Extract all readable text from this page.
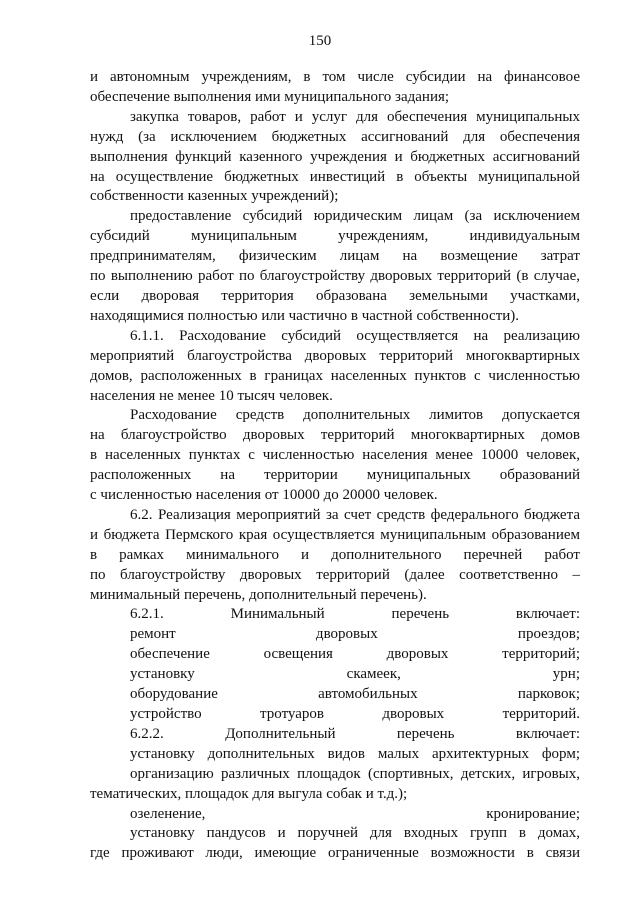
150
и автономным учреждениям, в том числе субсидии на финансовое
обеспечение выполнения ими муниципального задания;
закупка товаров, работ и услуг для обеспечения муниципальных
нужд (за исключением бюджетных ассигнований для обеспечения
выполнения функций казенного учреждения и бюджетных ассигнований
на осуществление бюджетных инвестиций в объекты муниципальной
собственности казенных учреждений);
предоставление субсидий юридическим лицам (за исключением
субсидий муниципальным учреждениям, индивидуальным
предпринимателям, физическим лицам на возмещение затрат
по выполнению работ по благоустройству дворовых территорий (в случае,
если дворовая территория образована земельными участками,
находящимися полностью или частично в частной собственности).
6.1.1. Расходование субсидий осуществляется на реализацию
мероприятий благоустройства дворовых территорий многоквартирных
домов, расположенных в границах населенных пунктов с численностью
населения не менее 10 тысяч человек.
Расходование средств дополнительных лимитов допускается
на благоустройство дворовых территорий многоквартирных домов
в населенных пунктах с численностью населения менее 10000 человек,
расположенных на территории муниципальных образований
с численностью населения от 10000 до 20000 человек.
6.2. Реализация мероприятий за счет средств федерального бюджета
и бюджета Пермского края осуществляется муниципальным образованием
в рамках минимального и дополнительного перечней работ
по благоустройству дворовых территорий (далее соответственно –
минимальный перечень, дополнительный перечень).
6.2.1. Минимальный перечень включает:
ремонт дворовых проездов;
обеспечение освещения дворовых территорий;
установку скамеек, урн;
оборудование автомобильных парковок;
устройство тротуаров дворовых территорий.
6.2.2. Дополнительный перечень включает:
установку дополнительных видов малых архитектурных форм;
организацию различных площадок (спортивных, детских, игровых,
тематических, площадок для выгула собак и т.д.);
озеленение, кронирование;
установку пандусов и поручней для входных групп в домах,
где проживают люди, имеющие ограниченные возможности в связи
